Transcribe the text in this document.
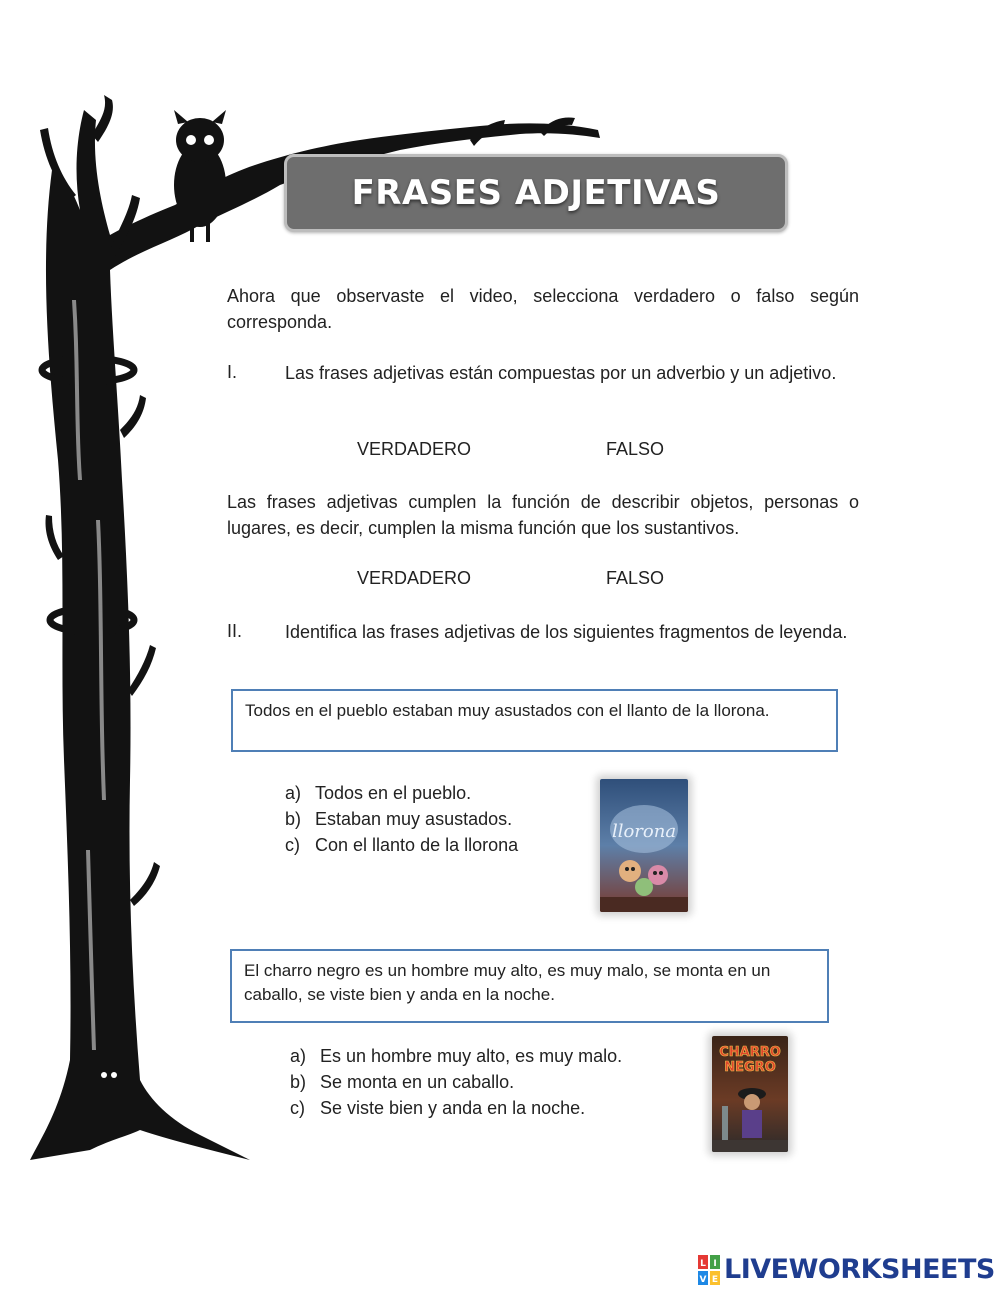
FRASES ADJETIVAS
Ahora que observaste el video, selecciona verdadero o falso según corresponda.
I.	Las frases adjetivas están compuestas por un adverbio y un adjetivo.
VERDADERO	FALSO
Las frases adjetivas cumplen la función de describir objetos, personas o lugares, es decir, cumplen la misma función que los sustantivos.
VERDADERO	FALSO
II. Identifica las frases adjetivas de los siguientes fragmentos de leyenda.
Todos en el pueblo estaban muy asustados con el llanto de la llorona.
a) Todos en el pueblo.
b) Estaban muy asustados.
c) Con el llanto de la llorona
llorona
El charro negro es un hombre muy alto, es muy malo, se monta en un caballo, se viste bien y anda en la noche.
a) Es un hombre muy alto, es muy malo.
b) Se monta en un caballo.
c) Se viste bien y anda en la noche.
CHARRO
NEGRO
L I
V E LIVEWORKSHEETS
